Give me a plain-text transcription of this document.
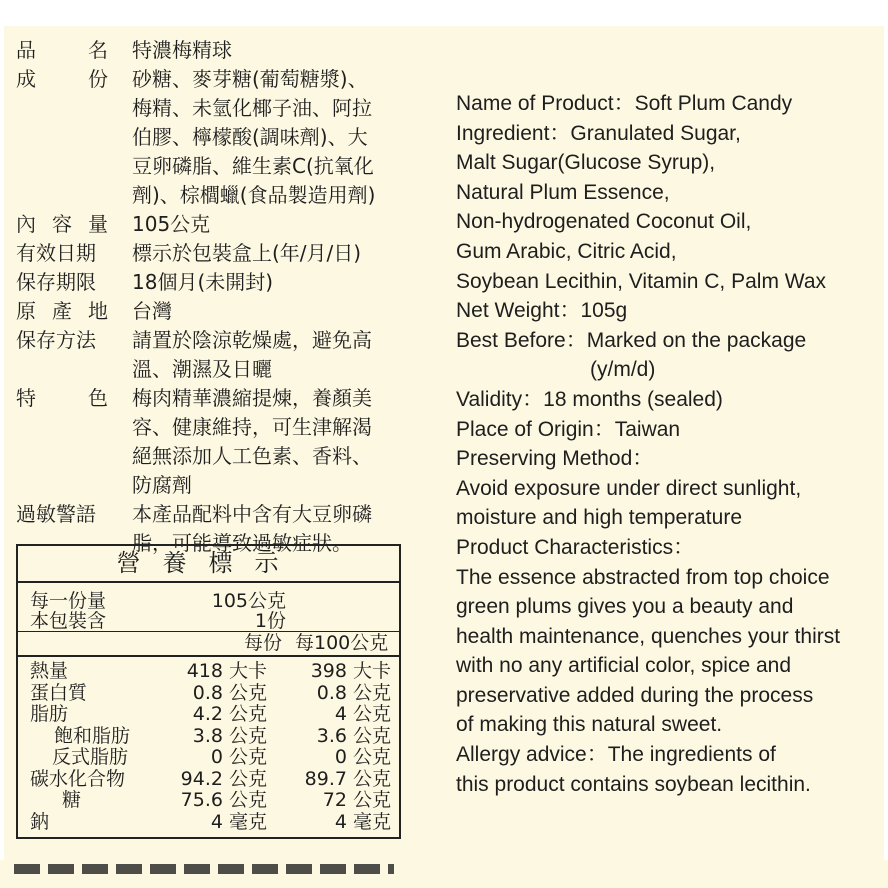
品	名 特濃梅精球
成	份 砂糖、麥芽糖(葡萄糖漿)、
梅精、未氫化椰子油、阿拉
伯膠、檸檬酸(調味劑)、大
豆卵磷脂、維生素C(抗氧化
劑)、棕櫚蠟(食品製造用劑)
內 容 量 105公克
有效日期 標示於包裝盒上(年/月/日)
保存期限 18個月(未開封)
原 產 地 台灣
保存方法 請置於陰涼乾燥處，避免高
溫、潮濕及日曬
特	色 梅肉精華濃縮提煉，養顏美
容、健康維持，可生津解渴
絕無添加人工色素、香料、
防腐劑
過敏警語 本產品配料中含有大豆卵磷
脂，可能導致過敏症狀。
營養標示
每一份量	105公克
本包裝含	1份
每份 每100公克
熱量	418 大卡 398 大卡
蛋白質	0.8 公克	0.8 公克
脂肪	4.2 公克	4 公克
飽和脂肪	3.8 公克	3.6 公克
反式脂肪	0 公克	0 公克
碳水化合物	94.2 公克 89.7 公克
糖	75.6 公克	72 公克
鈉	4 毫克	4 毫克

Name of Product：Soft Plum Candy

Ingredient：Granulated Sugar,

Malt Sugar(Glucose Syrup),

Natural Plum Essence,

Non-hydrogenated Coconut Oil,

Gum Arabic, Citric Acid,

Soybean Lecithin, Vitamin C, Palm Wax

Net Weight：105g

Best Before：Marked on the package

(y/m/d)

Validity：18 months (sealed)

Place of Origin：Taiwan

Preserving Method：

Avoid exposure under direct sunlight,

moisture and high temperature

Product Characteristics：

The essence abstracted from top choice

green plums gives you a beauty and

health maintenance, quenches your thirst

with no any artificial color, spice and

preservative added during the process

of making this natural sweet.

Allergy advice：The ingredients of

this product contains soybean lecithin.
